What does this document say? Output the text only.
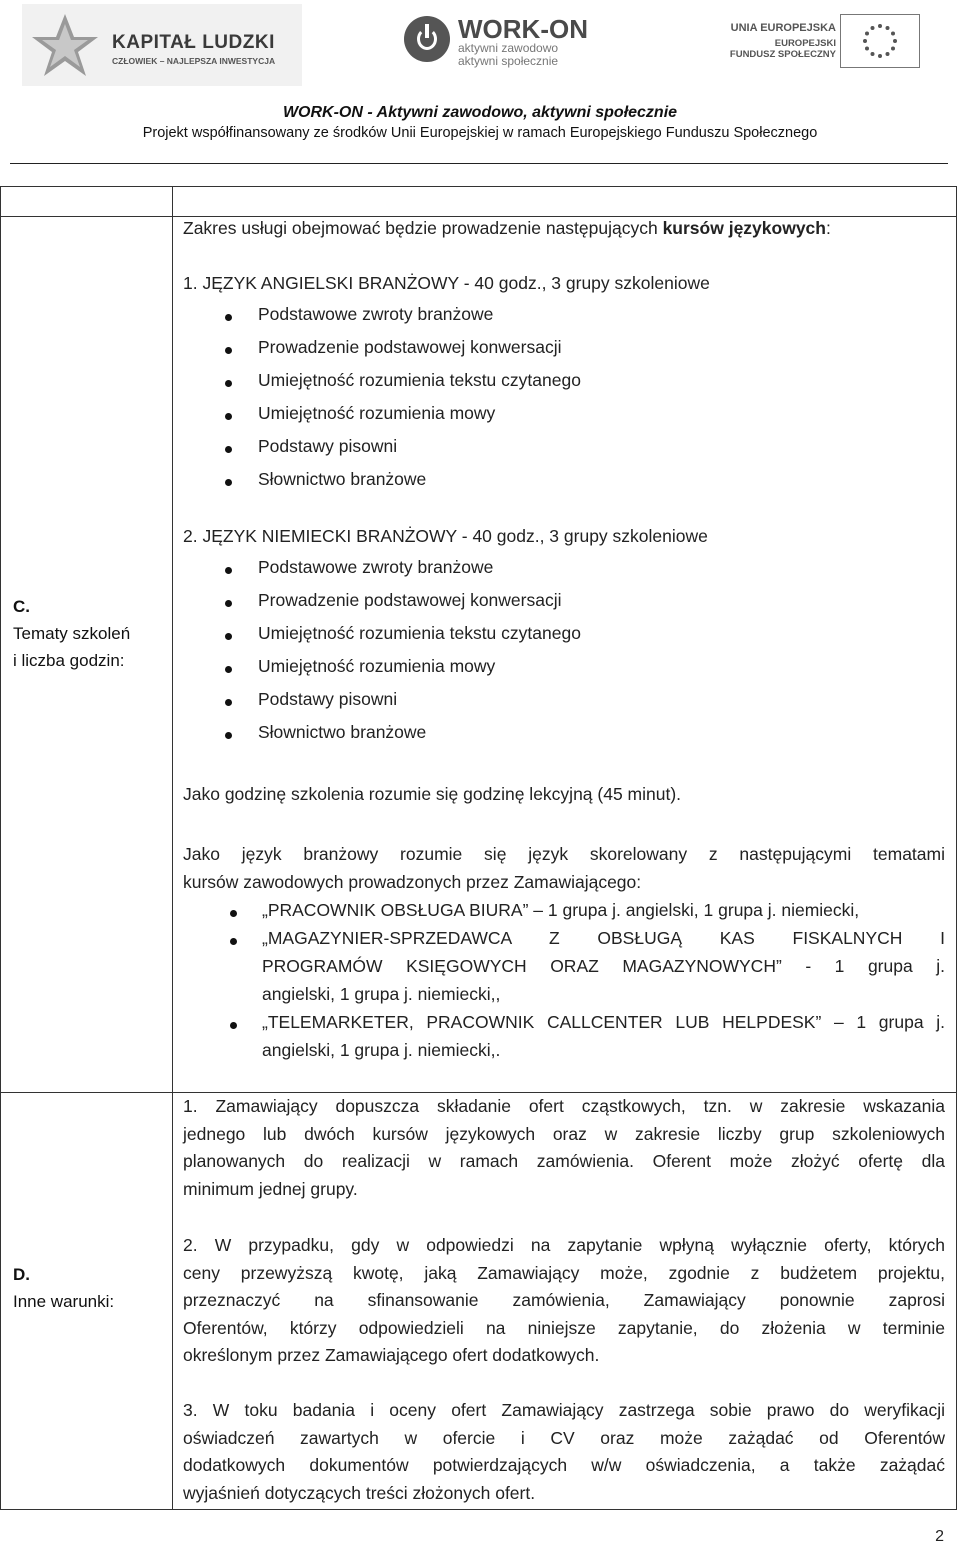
KAPITAŁ LUDZKI
CZŁOWIEK – NAJLEPSZA INWESTYCJA
WORK-ON
aktywni zawodowo
aktywni społecznie
UNIA EUROPEJSKA
EUROPEJSKI
FUNDUSZ SPOŁECZNY
WORK-ON - Aktywni zawodowo, aktywni społecznie
Projekt współfinansowany ze środków Unii Europejskiej w ramach Europejskiego Funduszu Społecznego
C.
Tematy szkoleń
i liczba godzin:
Zakres usługi obejmować będzie prowadzenie następujących kursów językowych:
1. JĘZYK ANGIELSKI BRANŻOWY - 40 godz., 3 grupy szkoleniowe
Podstawowe zwroty branżowe
Prowadzenie podstawowej konwersacji
Umiejętność rozumienia tekstu czytanego
Umiejętność rozumienia mowy
Podstawy pisowni
Słownictwo branżowe
2. JĘZYK NIEMIECKI BRANŻOWY - 40 godz., 3 grupy szkoleniowe
Podstawowe zwroty branżowe
Prowadzenie podstawowej konwersacji
Umiejętność rozumienia tekstu czytanego
Umiejętność rozumienia mowy
Podstawy pisowni
Słownictwo branżowe
Jako godzinę szkolenia rozumie się godzinę lekcyjną (45 minut).
Jako język branżowy rozumie się język skorelowany z następującymi tematami
kursów zawodowych prowadzonych przez Zamawiającego:
„PRACOWNIK OBSŁUGA BIURA” – 1 grupa j. angielski, 1 grupa j. niemiecki,
„MAGAZYNIER-SPRZEDAWCA Z OBSŁUGĄ KAS FISKALNYCH I
PROGRAMÓW KSIĘGOWYCH ORAZ MAGAZYNOWYCH” - 1 grupa j.
angielski, 1 grupa j. niemiecki,,
„TELEMARKETER, PRACOWNIK CALLCENTER LUB HELPDESK” – 1 grupa j.
angielski, 1 grupa j. niemiecki,.
D.
Inne warunki:
1. Zamawiający dopuszcza składanie ofert cząstkowych, tzn. w zakresie wskazania
jednego lub dwóch kursów językowych oraz w zakresie liczby grup szkoleniowych
planowanych do realizacji w ramach zamówienia. Oferent może złożyć ofertę dla
minimum jednej grupy.
2. W przypadku, gdy w odpowiedzi na zapytanie wpłyną wyłącznie oferty, których
ceny przewyższą kwotę, jaką Zamawiający może, zgodnie z budżetem projektu,
przeznaczyć na sfinansowanie zamówienia, Zamawiający ponownie zaprosi
Oferentów, którzy odpowiedzieli na niniejsze zapytanie, do złożenia w terminie
określonym przez Zamawiającego ofert dodatkowych.
3. W toku badania i oceny ofert Zamawiający zastrzega sobie prawo do weryfikacji
oświadczeń zawartych w ofercie i CV oraz może zażądać od Oferentów
dodatkowych dokumentów potwierdzających w/w oświadczenia, a także zażądać
wyjaśnień dotyczących treści złożonych ofert.
2
